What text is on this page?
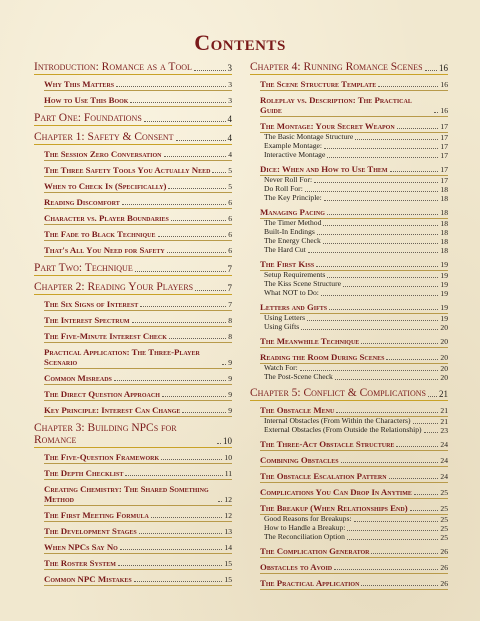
Contents
Introduction: Romance as a Tool	3
Why This Matters	3
How to Use This Book	3
Part One: Foundations	4
Chapter 1: Safety & Consent	4
The Session Zero Conversation	4
The Three Safety Tools You Actually Need 5
When to Check In (Specifically)	5
Reading Discomfort	6
Character vs. Player Boundaries	6
The Fade to Black Technique	6
That's All You Need for Safety	6
Part Two: Technique	7
Chapter 2: Reading Your Players	7
The Six Signs of Interest	7
The Interest Spectrum	8
The Five-Minute Interest Check	8
Practical Application: The Three-Player Scenario	9
Common Misreads	9
The Direct Question Approach	9
Key Principle: Interest Can Change	9
Chapter 3: Building NPCs for Romance	10
The Five-Question Framework	10
The Depth Checklist	11
Creating Chemistry: The Shared Something Method	12
The First Meeting Formula	12
The Development Stages	13
When NPCs Say No	14
The Roster System	15
Common NPC Mistakes	15
Chapter 4: Running Romance Scenes 16
The Scene Structure Template	16
Roleplay vs. Description: The Practical Guide	16
The Montage: Your Secret Weapon	17
The Basic Montage Structure	17
Example Montage:	17
Interactive Montage	17
Dice: When and How to Use Them	17
Never Roll For:	17
Do Roll For:	18
The Key Principle:	18
Managing Pacing	18
The Timer Method	18
Built-In Endings	18
The Energy Check	18
The Hard Cut	18
The First Kiss	19
Setup Requirements	19
The Kiss Scene Structure	19
What NOT to Do:	19
Letters and Gifts	19
Using Letters	19
Using Gifts	20
The Meanwhile Technique	20
Reading the Room During Scenes	20
Watch For:	20
The Post-Scene Check	20
Chapter 5: Conflict & Complications 21
The Obstacle Menu	21
Internal Obstacles (From Within the Characters)	21
External Obstacles (From Outside the Relationship) 23
The Three-Act Obstacle Structure	24
Combining Obstacles	24
The Obstacle Escalation Pattern	24
Complications You Can Drop In Anytime	25
The Breakup (When Relationships End)	25
Good Reasons for Breakups:	25
How to Handle a Breakup:	25
The Reconciliation Option	25
The Complication Generator	26
Obstacles to Avoid	26
The Practical Application	26
